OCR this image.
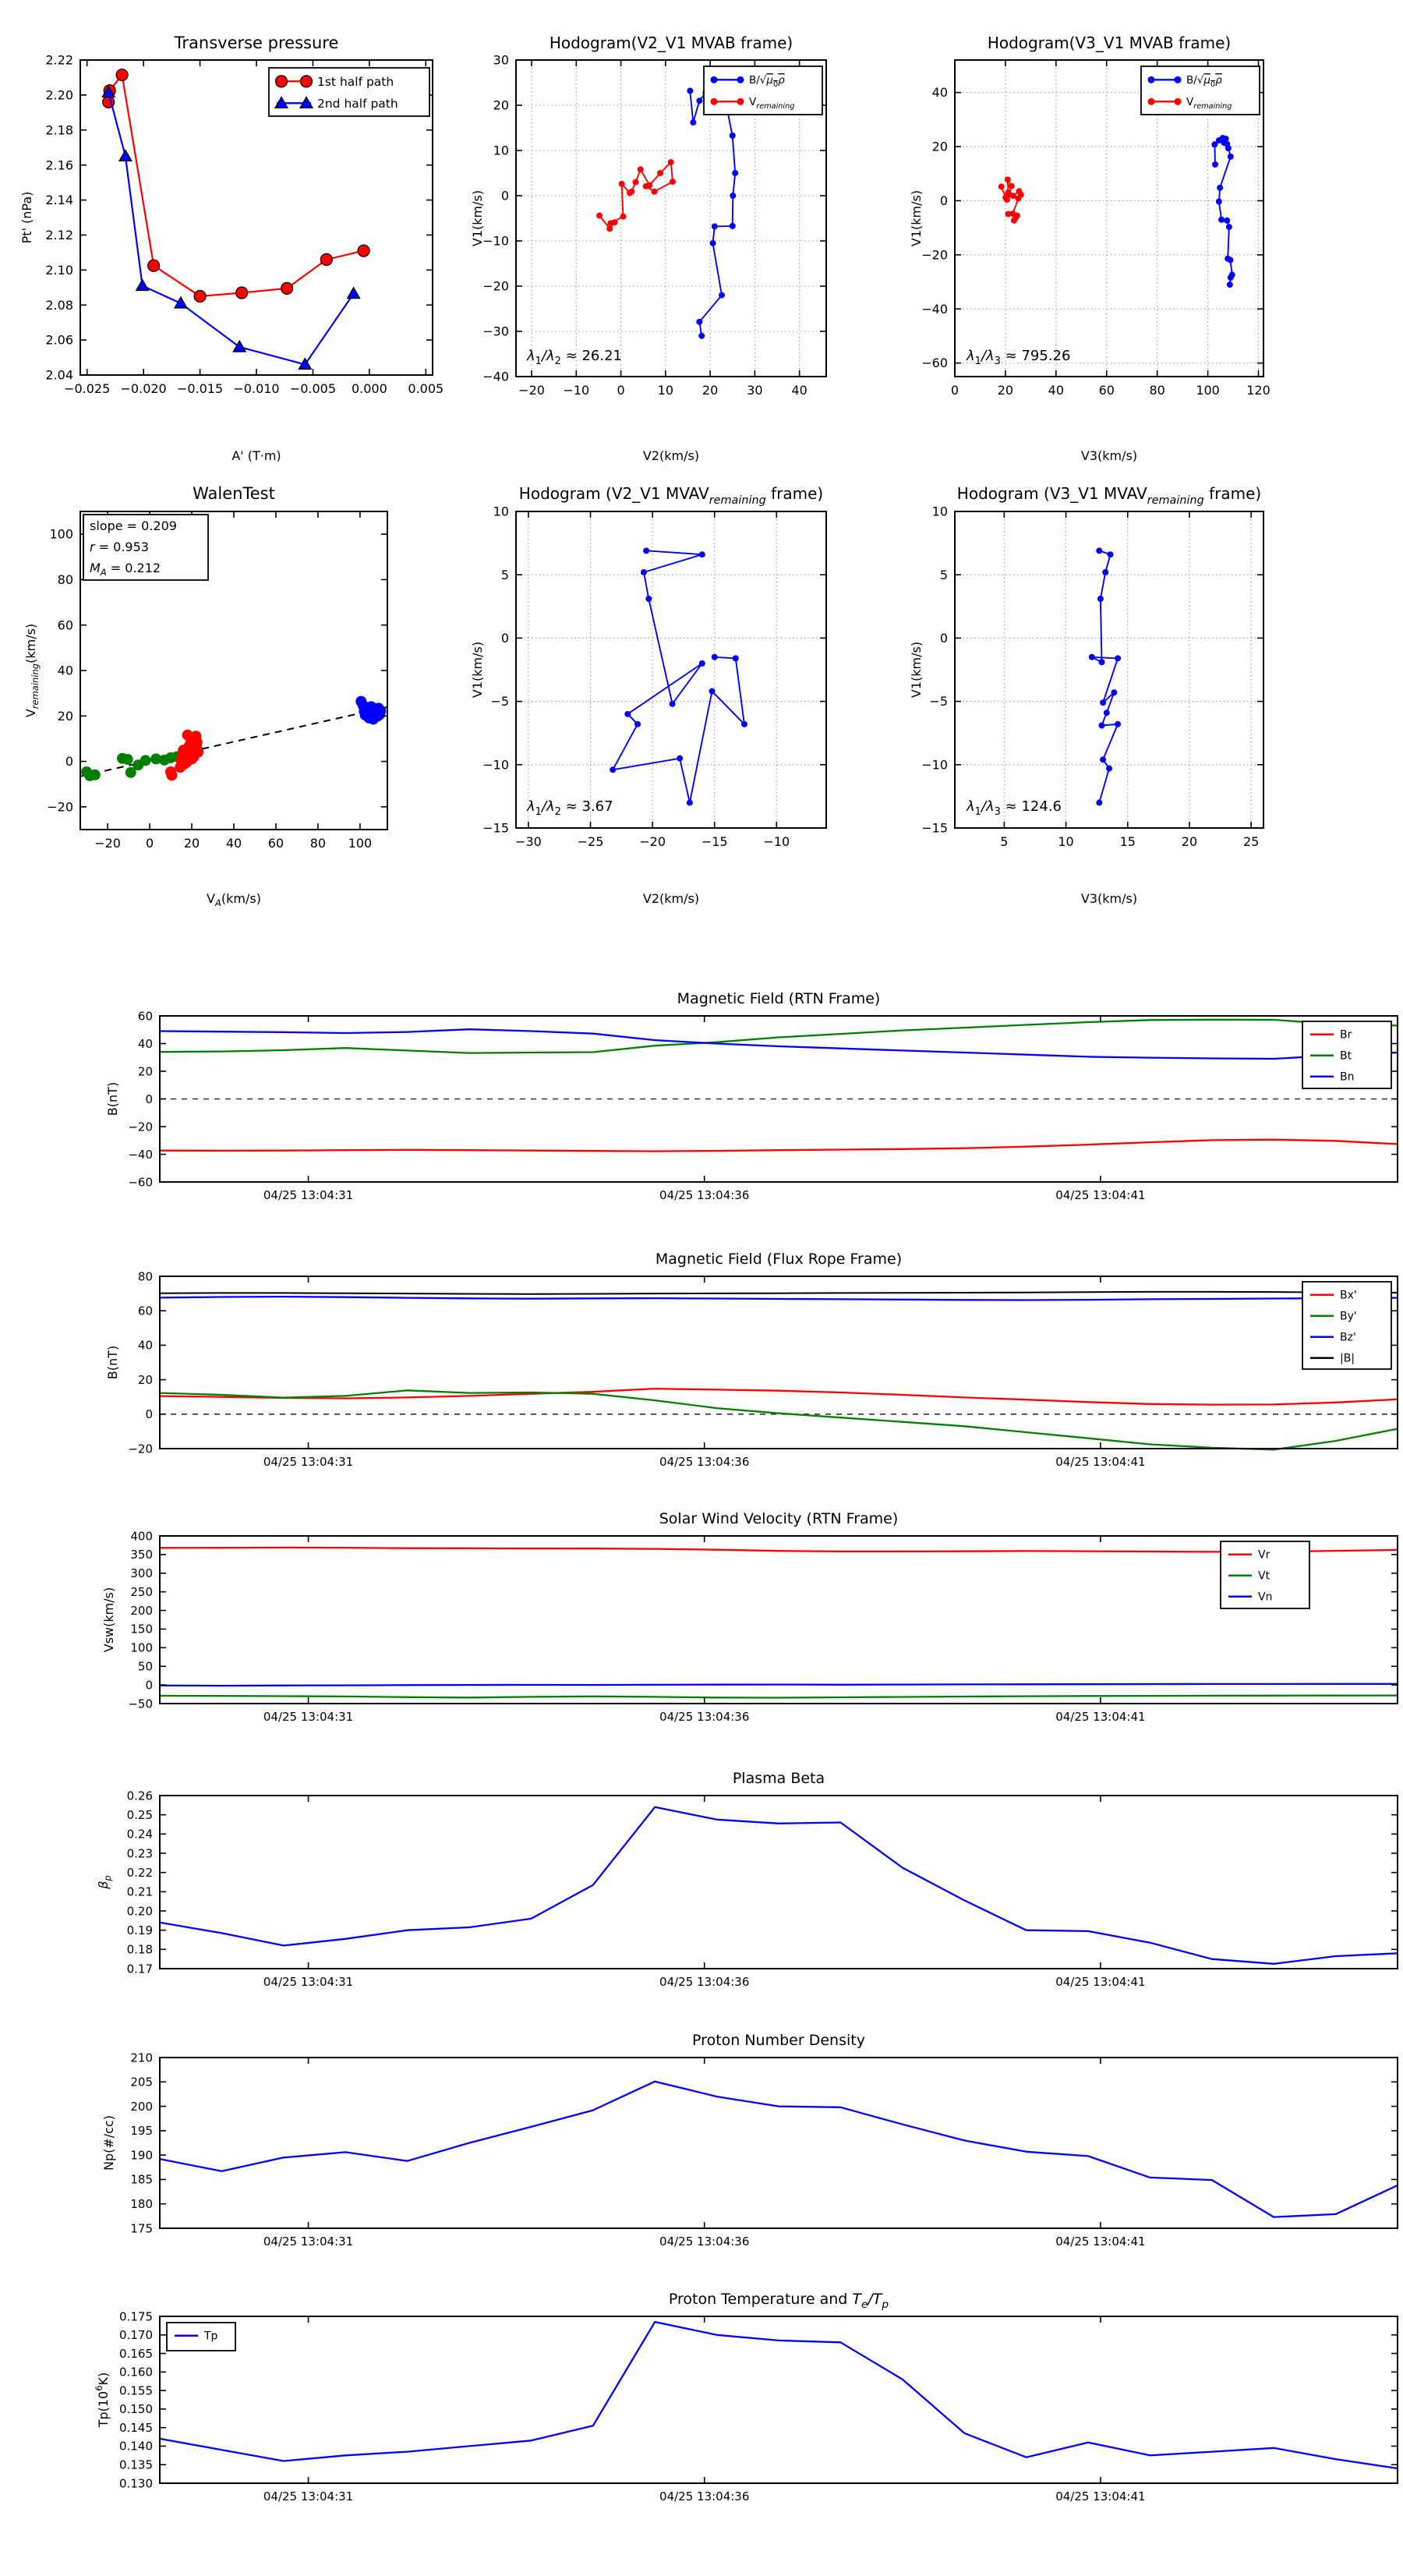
−0.025 −0.020 −0.015 −0.010 −0.005 0.000 0.005
2.04
2.06
2.08
2.10
2.12
2.14
2.16
2.18
2.20
2.22
Transverse pressure
A' (T·m)
Pt' (nPa)
1st half path
2nd half path
−20 −10 0	10 20 30 40
−40
−30
−20
−10
0
10
20
30
Hodogram(V2_V1 MVAB frame)
V2(km/s)
V1(km/s)
$B/√\mu_0\rho$
$V_{remaining}$
$\lambda_1/\lambda_2 \approx 26.21$
0	20	40	60	80 100 120
−60
−40
−20
0
20
40
Hodogram(V3_V1 MVAB frame)
V3(km/s)
V1(km/s)
$B/√\mu_0\rho$
$V_{remaining}$
$\lambda_1/\lambda_3 \approx 795.26$
−20 0 20 40 60 80 100
−20
0
20
40
60
80
100
WalenTest
$V_A(km/s)$
$V_{remaining}(km/s)$
slope = 0.209
r = 0.953
$M_A = 0.212$
−30	−25	−20	−15	−10
−15
−10
−5
0
5
10
Hodogram (V2_V1 $MVAV_{remaining}$ frame)
V2(km/s)
V1(km/s)
$\lambda_1/\lambda_2 \approx 3.67$
5	10	15	20	25
−15
−10
−5
0
5
10
Hodogram (V3_V1 $MVAV_{remaining}$ frame)
V3(km/s)
V1(km/s)
$\lambda_1/\lambda_3 \approx 124.6$
04/25 13:04:31	04/25 13:04:36	04/25 13:04:41
−60
−40
−20
0
20
40
60
Magnetic Field (RTN Frame)
B(nT)
Br
Bt
Bn
04/25 13:04:31	04/25 13:04:36	04/25 13:04:41
−20
0
20
40
60
80
Magnetic Field (Flux Rope Frame)
B(nT)
Bx'
By'
Bz'
|B|
04/25 13:04:31	04/25 13:04:36	04/25 13:04:41
−50
0
50
100
150
200
250
300
350
400
Solar Wind Velocity (RTN Frame)
Vsw(km/s)
Vr
Vt
Vn
04/25 13:04:31	04/25 13:04:36	04/25 13:04:41
0.17
0.18
0.19
0.20
0.21
0.22
0.23
0.24
0.25
0.26
Plasma Beta
$\beta_p$
04/25 13:04:31	04/25 13:04:36	04/25 13:04:41
175
180
185
190
195
200
205
210
Proton Number Density
Np(#/cc)
04/25 13:04:31	04/25 13:04:36	04/25 13:04:41
0.130
0.135
0.140
0.145
0.150
0.155
0.160
0.165
0.170
0.175
Proton Temperature and $T_e/T_p$
$Tp(10^6K)$
Tp
